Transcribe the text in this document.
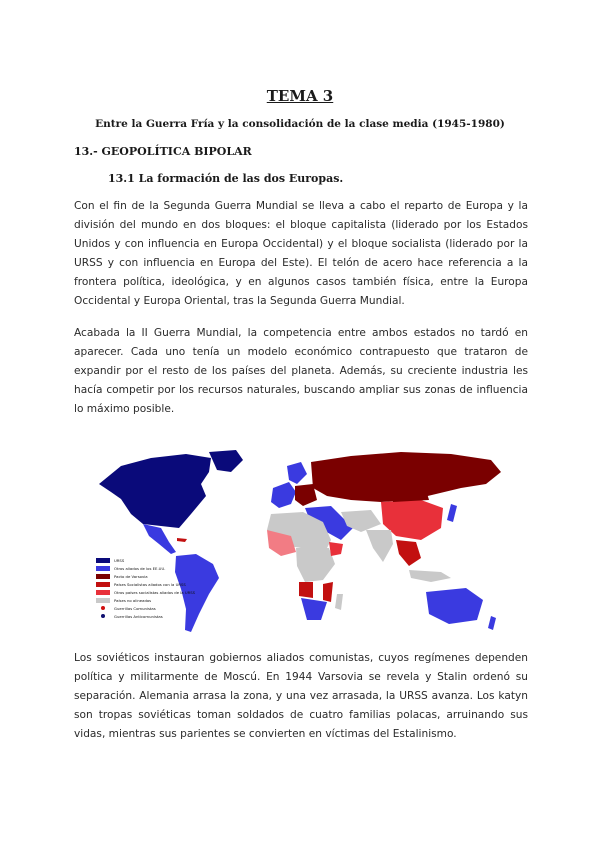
TEMA 3
Entre la Guerra Fría y la consolidación de la clase media (1945-1980)
13.- GEOPOLÍTICA BIPOLAR
13.1 La formación de las dos Europas.
Con el fin de la Segunda Guerra Mundial se lleva a cabo el reparto de Europa y la división del mundo en dos bloques: el bloque capitalista (liderado por los Estados Unidos y con influencia en Europa Occidental) y el bloque socialista (liderado por la URSS y con influencia en Europa del Este). El telón de acero hace referencia a la frontera política, ideológica, y en algunos casos también física, entre la Europa Occidental y Europa Oriental, tras la Segunda Guerra Mundial.
Acabada la II Guerra Mundial, la competencia entre ambos estados no tardó en aparecer. Cada uno tenía un modelo económico contrapuesto que trataron de expandir por el resto de los países del planeta. Además, su creciente industria les hacía competir por los recursos naturales, buscando ampliar sus zonas de influencia lo máximo posible.
URSS
Otros aliados de los EE.UU.
Pacto de Varsovia
Países Socialistas aliados con la URSS
Otros países socialistas aliados de la URSS
Países no alineados
Guerrillas Comunistas
Guerrillas Anticomunistas
Los soviéticos instauran gobiernos aliados comunistas, cuyos regímenes dependen política y militarmente de Moscú. En 1944 Varsovia se revela y Stalin ordenó su separación. Alemania arrasa la zona, y una vez arrasada, la URSS avanza. Los katyn son tropas soviéticas toman soldados de cuatro familias polacas, arruinando sus vidas, mientras sus parientes se convierten en víctimas del Estalinismo.
